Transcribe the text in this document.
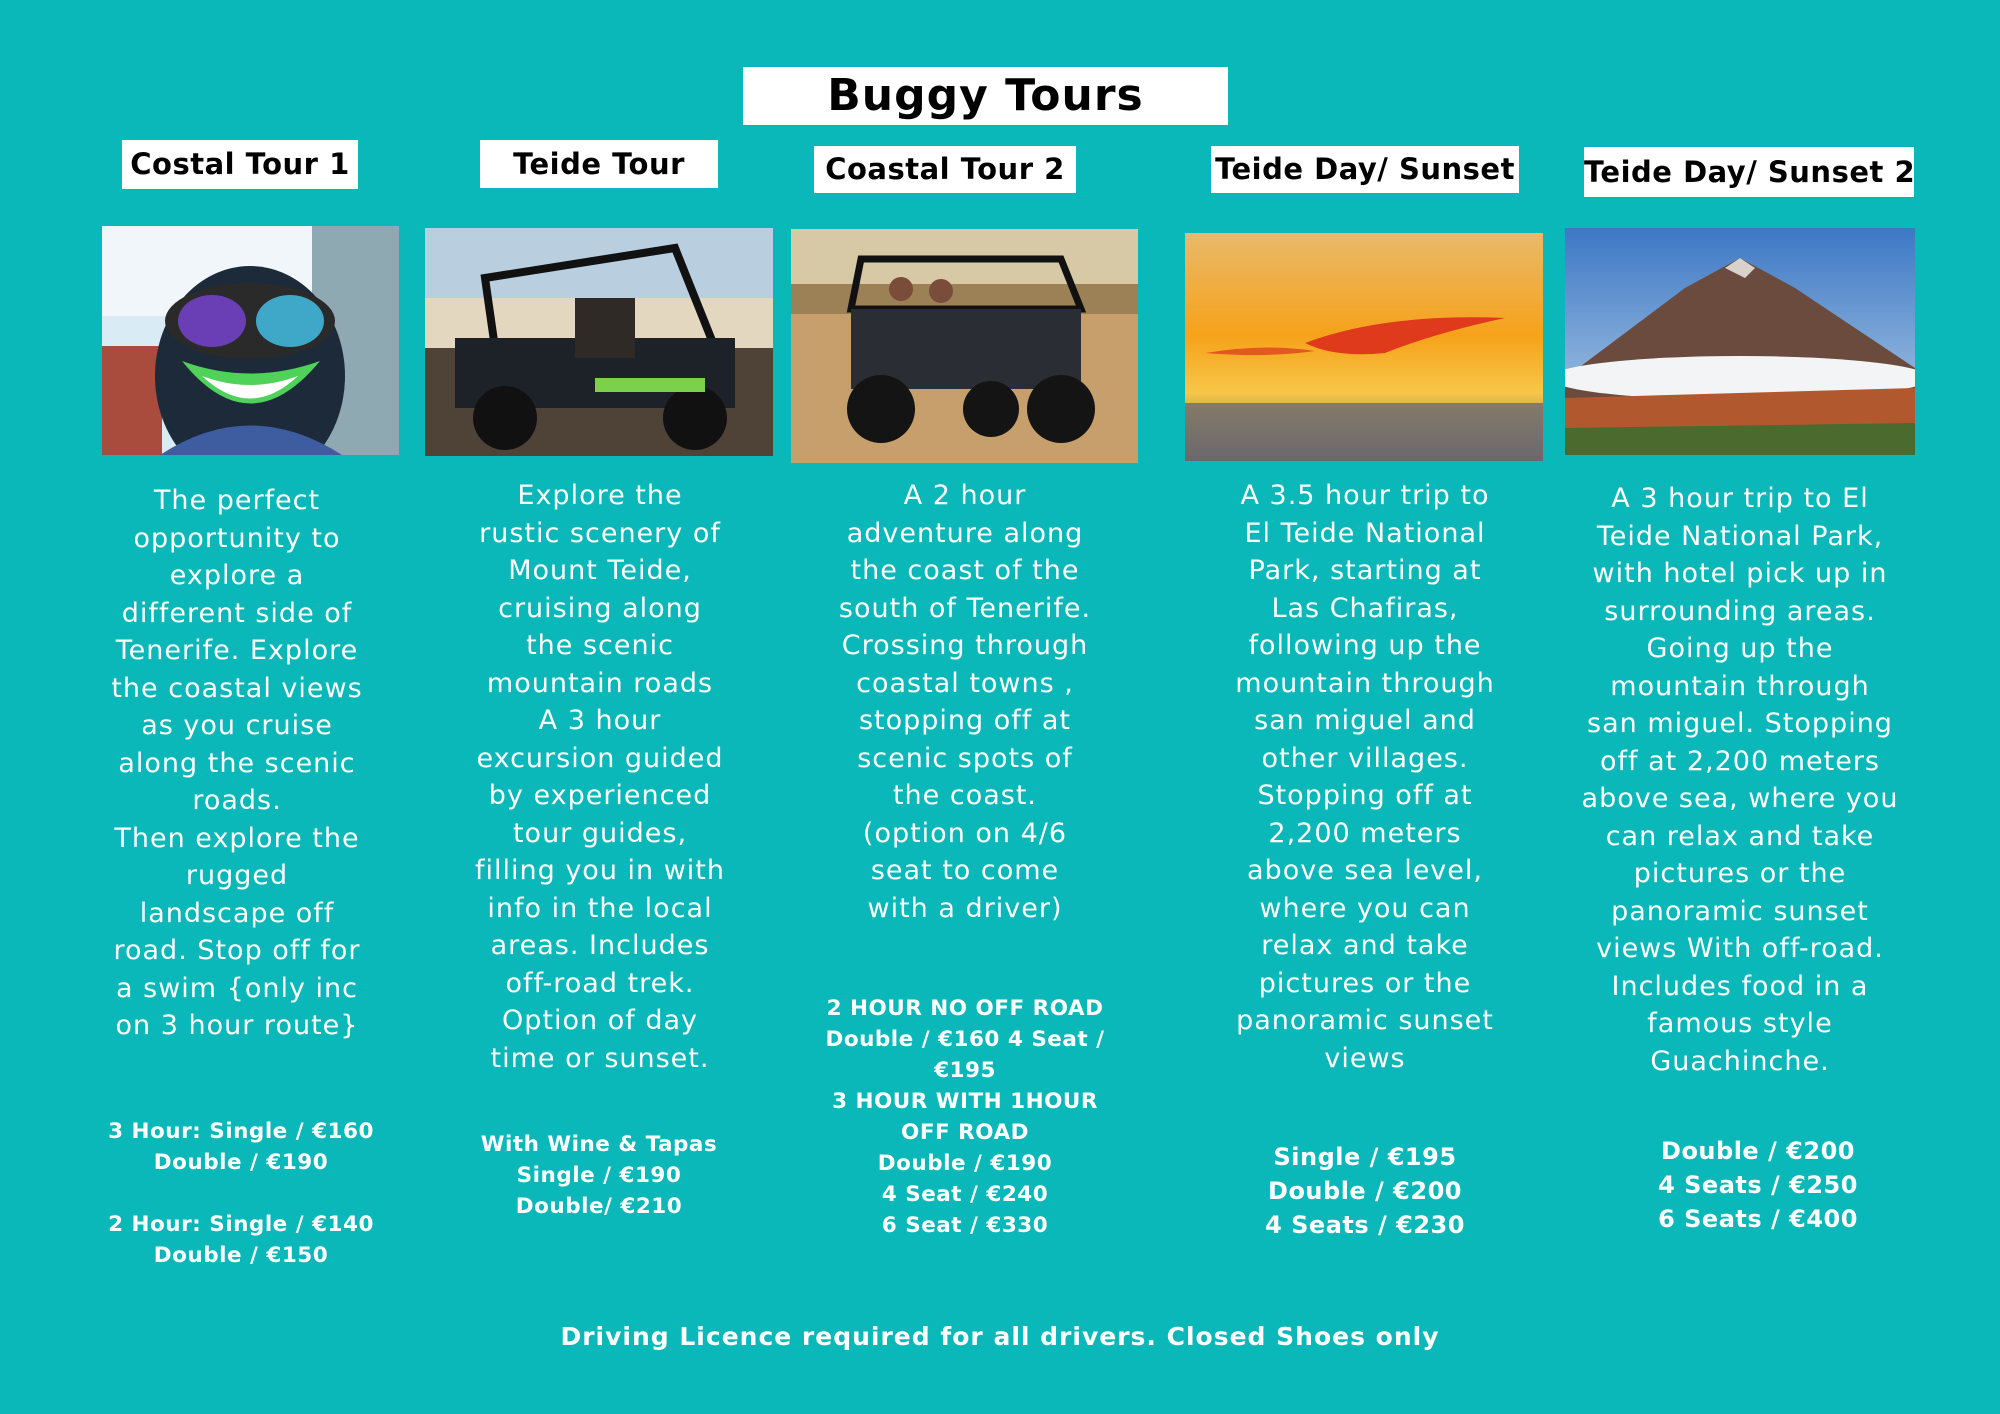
Buggy Tours
Costal Tour 1
The perfect
opportunity to
explore a
different side of
Tenerife. Explore
the coastal views
as you cruise
along the scenic
roads.
Then explore the
rugged
landscape off
road. Stop off for
a swim {only inc
on 3 hour route}
3 Hour: Single / €160
Double / €190

2 Hour: Single / €140
Double / €150
Teide Tour
Explore the
rustic scenery of
Mount Teide,
cruising along
the scenic
mountain roads
A 3 hour
excursion guided
by experienced
tour guides,
filling you in with
info in the local
areas. Includes
off-road trek.
Option of day
time or sunset.
With Wine & Tapas
Single / €190
Double/ €210
Coastal Tour 2
A 2 hour
adventure along
the coast of the
south of Tenerife.
Crossing through
coastal towns ,
stopping off at
scenic spots of
the coast.
(option on 4/6
seat to come
with a driver)
2 HOUR NO OFF ROAD
Double / €160 4 Seat /
€195
3 HOUR WITH 1HOUR
OFF ROAD
Double / €190
4 Seat / €240
6 Seat / €330
Teide Day/ Sunset
A 3.5 hour trip to
El Teide National
Park, starting at
Las Chafiras,
following up the
mountain through
san miguel and
other villages.
Stopping off at
2,200 meters
above sea level,
where you can
relax and take
pictures or the
panoramic sunset
views
Single / €195
Double / €200
4 Seats / €230
Teide Day/ Sunset 2
A 3 hour trip to El
Teide National Park,
with hotel pick up in
surrounding areas.
Going up the
mountain through
san miguel. Stopping
off at 2,200 meters
above sea, where you
can relax and take
pictures or the
panoramic sunset
views With off-road.
Includes food in a
famous style
Guachinche.
Double / €200
4 Seats / €250
6 Seats / €400
Driving Licence required for all drivers. Closed Shoes only
